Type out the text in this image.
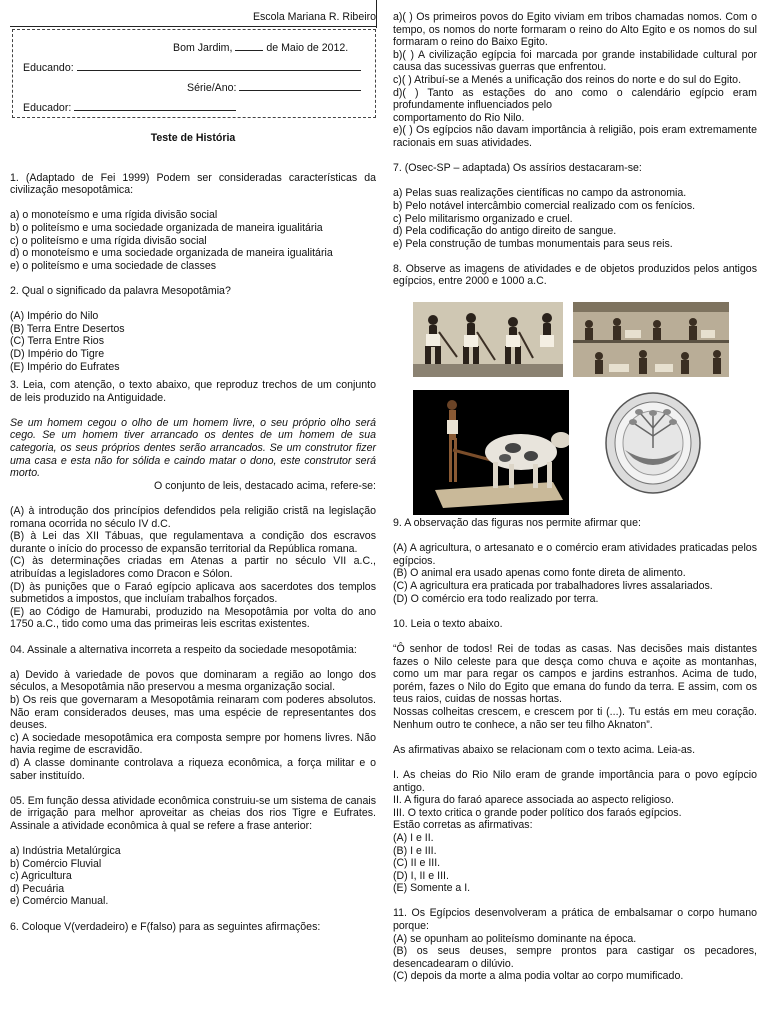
Escola Mariana R. Ribeiro
Bom Jardim,	de Maio de 2012.
Educando:
Série/Ano:
Educador:
Teste de História

1. (Adaptado de Fei 1999) Podem ser consideradas características da civilização mesopotâmica:

a) o monoteísmo e uma rígida divisão social

b) o politeísmo e uma sociedade organizada de maneira igualitária

c) o politeísmo e uma rígida divisão social

d) o monoteísmo e uma sociedade organizada de maneira igualitária

e) o politeísmo e uma sociedade de classes

2. Qual o significado da palavra Mesopotâmia?

(A) Império do Nilo

(B) Terra Entre Desertos

(C) Terra Entre Rios

(D) Império do Tigre

(E) Império do Eufrates

3. Leia, com atenção, o texto abaixo, que reproduz trechos de um conjunto de leis produzido na Antiguidade.

Se um homem cegou o olho de um homem livre, o seu próprio olho será cego. Se um homem tiver arrancado os dentes de um homem de sua categoria, os seus próprios dentes serão arrancados. Se um construtor fizer uma casa e esta não for sólida e caindo matar o dono, este construtor será morto.

O conjunto de leis, destacado acima, refere-se:

(A) à introdução dos princípios defendidos pela religião cristã na legislação romana ocorrida no século IV d.C.

(B) à Lei das XII Tábuas, que regulamentava a condição dos escravos durante o início do processo de expansão territorial da República romana.

(C) às determinações criadas em Atenas a partir no século VII a.C., atribuídas a legisladores como Dracon e Sólon.

(D) às punições que o Faraó egípcio aplicava aos sacerdotes dos templos submetidos a impostos, que incluíam trabalhos forçados.

(E) ao Código de Hamurabi, produzido na Mesopotâmia por volta do ano 1750 a.C., tido como uma das primeiras leis escritas existentes.

04. Assinale a alternativa incorreta a respeito da sociedade mesopotâmia:

a) Devido à variedade de povos que dominaram a região ao longo dos séculos, a Mesopotâmia não preservou a mesma organização social.

b) Os reis que governaram a Mesopotâmia reinaram com poderes absolutos. Não eram considerados deuses, mas uma espécie de representantes dos deuses.

c) A sociedade mesopotâmica era composta sempre por homens livres. Não havia regime de escravidão.

d) A classe dominante controlava a riqueza econômica, a força militar e o saber instituído.

05. Em função dessa atividade econômica construiu-se um sistema de canais de irrigação para melhor aproveitar as cheias dos rios Tigre e Eufrates. Assinale a atividade econômica à qual se refere a frase anterior:

a) Indústria Metalúrgica

b) Comércio Fluvial

c) Agricultura

d) Pecuária

e) Comércio Manual.

6. Coloque V(verdadeiro) e F(falso) para as seguintes afirmações:

a)( ) Os primeiros povos do Egito viviam em tribos chamadas nomos. Com o tempo, os nomos do norte formaram o reino do Alto Egito e os nomos do sul formaram o reino do Baixo Egito.

b)( ) A civilização egípcia foi marcada por grande instabilidade cultural por causa das sucessivas guerras que enfrentou.

c)( ) Atribuí-se a Menés a unificação dos reinos do norte e do sul do Egito.

d)( ) Tanto as estações do ano como o calendário egípcio eram profundamente influenciados pelo

comportamento do Rio Nilo.

e)( ) Os egípcios não davam importância à religião, pois eram extremamente racionais em suas atividades.

7. (Osec-SP – adaptada) Os assírios destacaram-se:

a) Pelas suas realizações científicas no campo da astronomia.

b) Pelo notável intercâmbio comercial realizado com os fenícios.

c) Pelo militarismo organizado e cruel.

d) Pela codificação do antigo direito de sangue.

e) Pela construção de tumbas monumentais para seus reis.

8. Observe as imagens de atividades e de objetos produzidos pelos antigos egípcios, entre 2000 e 1000 a.C.

9. A observação das figuras nos permite afirmar que:

(A) A agricultura, o artesanato e o comércio eram atividades praticadas pelos egípcios.

(B) O animal era usado apenas como fonte direta de alimento.

(C) A agricultura era praticada por trabalhadores livres assalariados.

(D) O comércio era todo realizado por terra.

10. Leia o texto abaixo.

“Ô senhor de todos! Rei de todas as casas. Nas decisões mais distantes fazes o Nilo celeste para que desça como chuva e açoite as montanhas, como um mar para regar os campos e jardins estranhos. Acima de tudo, porém, fazes o Nilo do Egito que emana do fundo da terra. E assim, com os teus raios, cuidas de nossas hortas.

Nossas colheitas crescem, e crescem por ti (...). Tu estás em meu coração. Nenhum outro te conhece, a não ser teu filho Aknaton”.

As afirmativas abaixo se relacionam com o texto acima. Leia-as.

I. As cheias do Rio Nilo eram de grande importância para o povo egípcio antigo.

II. A figura do faraó aparece associada ao aspecto religioso.

III. O texto critica o grande poder político dos faraós egípcios.

Estão corretas as afirmativas:

(A) I e II.

(B) I e III.

(C) II e III.

(D) I, II e III.

(E) Somente a I.

11. Os Egípcios desenvolveram a prática de embalsamar o corpo humano porque:

(A) se opunham ao politeísmo dominante na época.

(B) os seus deuses, sempre prontos para castigar os pecadores, desencadearam o dilúvio.

(C) depois da morte a alma podia voltar ao corpo mumificado.
